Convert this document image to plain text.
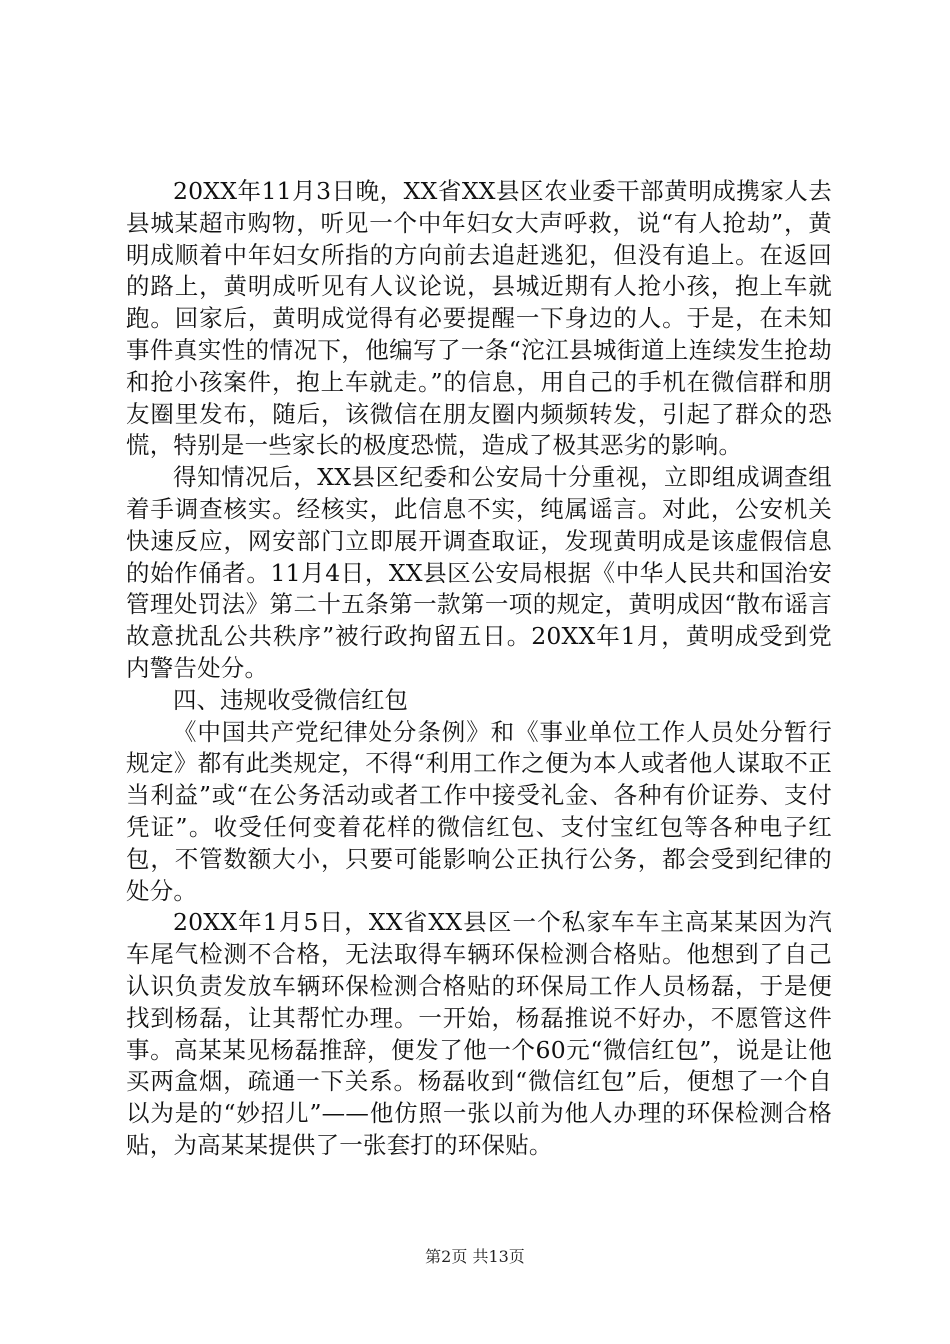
20XX年11月3日晚，XX省XX县区农业委干部黄明成携家人去县城某超市购物，听见一个中年妇女大声呼救，说“有人抢劫”，黄明成顺着中年妇女所指的方向前去追赶逃犯，但没有追上。在返回的路上，黄明成听见有人议论说，县城近期有人抢小孩，抱上车就跑。回家后，黄明成觉得有必要提醒一下身边的人。于是，在未知事件真实性的情况下，他编写了一条“沱江县城街道上连续发生抢劫和抢小孩案件，抱上车就走。”的信息，用自己的手机在微信群和朋友圈里发布，随后，该微信在朋友圈内频频转发，引起了群众的恐慌，特别是一些家长的极度恐慌，造成了极其恶劣的影响。

得知情况后，XX县区纪委和公安局十分重视，立即组成调查组着手调查核实。经核实，此信息不实，纯属谣言。对此，公安机关快速反应，网安部门立即展开调查取证，发现黄明成是该虚假信息的始作俑者。11月4日，XX县区公安局根据《中华人民共和国治安管理处罚法》第二十五条第一款第一项的规定，黄明成因“散布谣言故意扰乱公共秩序”被行政拘留五日。20XX年1月，黄明成受到党内警告处分。

四、违规收受微信红包

《中国共产党纪律处分条例》和《事业单位工作人员处分暂行规定》都有此类规定，不得“利用工作之便为本人或者他人谋取不正当利益”或“在公务活动或者工作中接受礼金、各种有价证券、支付凭证”。收受任何变着花样的微信红包、支付宝红包等各种电子红包，不管数额大小，只要可能影响公正执行公务，都会受到纪律的处分。

20XX年1月5日，XX省XX县区一个私家车车主高某某因为汽车尾气检测不合格，无法取得车辆环保检测合格贴。他想到了自己认识负责发放车辆环保检测合格贴的环保局工作人员杨磊，于是便找到杨磊，让其帮忙办理。一开始，杨磊推说不好办，不愿管这件事。高某某见杨磊推辞，便发了他一个60元“微信红包”，说是让他买两盒烟，疏通一下关系。杨磊收到“微信红包”后，便想了一个自以为是的“妙招儿”——他仿照一张以前为他人办理的环保检测合格贴，为高某某提供了一张套打的环保贴。

第2页 共13页
